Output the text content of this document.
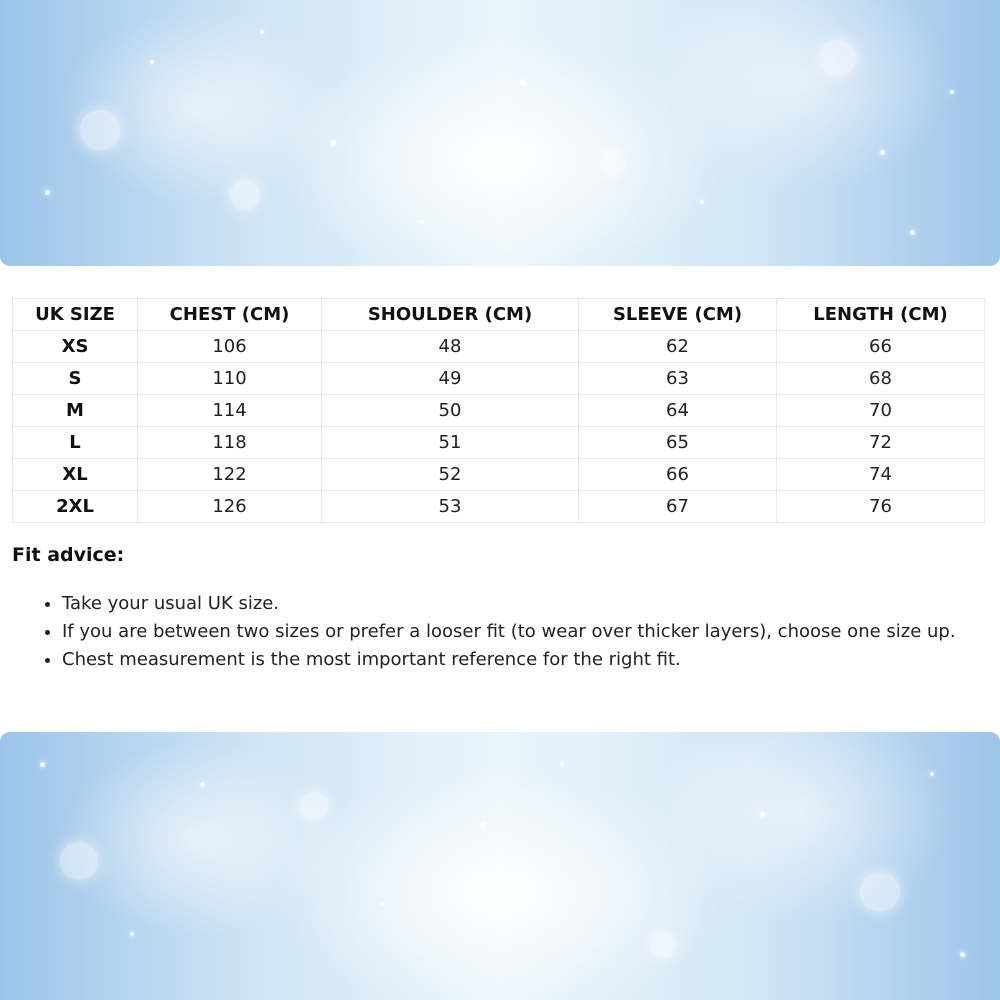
UK SIZE	CHEST (CM)	SHOULDER (CM)	SLEEVE (CM)	LENGTH (CM)
XS	106	48	62	66
S	110	49	63	68
M	114	50	64	70
L	118	51	65	72
XL	122	52	66	74
2XL	126	53	67	76
Fit advice:
• Take your usual UK size.
• If you are between two sizes or prefer a looser fit (to wear over thicker layers), choose one size up.
• Chest measurement is the most important reference for the right fit.
